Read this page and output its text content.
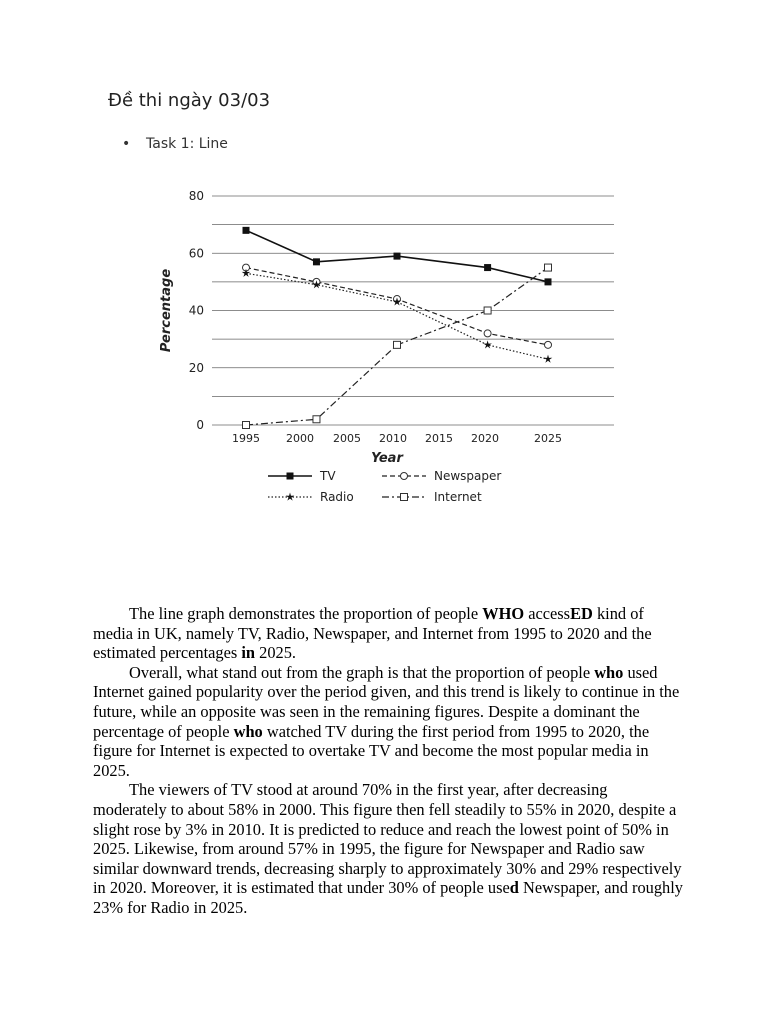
Đề thi ngày 03/03
• Task 1: Line
0
20
40
60
80
1995 2000 2005 2010 2015 2020	2025
Year
Percentage
TV	Newspaper
Radio	Internet

The line graph demonstrates the proportion of people WHO accessED kind of media in UK, namely TV, Radio, Newspaper, and Internet from 1995 to 2020 and the estimated percentages in 2025.

Overall, what stand out from the graph is that the proportion of people who used Internet gained popularity over the period given, and this trend is likely to continue in the future, while an opposite was seen in the remaining figures. Despite a dominant the percentage of people who watched TV during the first period from 1995 to 2020, the figure for Internet is expected to overtake TV and become the most popular media in 2025.

The viewers of TV stood at around 70% in the first year, after decreasing moderately to about 58% in 2000. This figure then fell steadily to 55% in 2020, despite a slight rose by 3% in 2010. It is predicted to reduce and reach the lowest point of 50% in 2025. Likewise, from around 57% in 1995, the figure for Newspaper and Radio saw similar downward trends, decreasing sharply to approximately 30% and 29% respectively in 2020. Moreover, it is estimated that under 30% of people used Newspaper, and roughly 23% for Radio in 2025.
